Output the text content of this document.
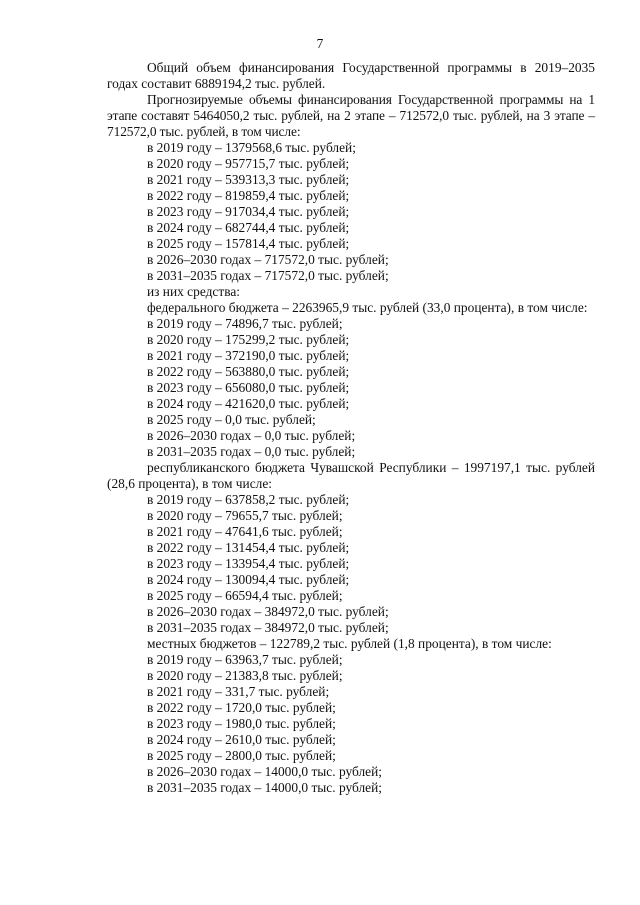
7

Общий объем финансирования Государственной программы в 2019–2035 годах составит 6889194,2 тыс. рублей.

Прогнозируемые объемы финансирования Государственной программы на 1 этапе составят 5464050,2 тыс. рублей, на 2 этапе – 712572,0 тыс. рублей, на 3 этапе – 712572,0 тыс. рублей, в том числе:

в 2019 году – 1379568,6 тыс. рублей;

в 2020 году – 957715,7 тыс. рублей;

в 2021 году – 539313,3 тыс. рублей;

в 2022 году – 819859,4 тыс. рублей;

в 2023 году – 917034,4 тыс. рублей;

в 2024 году – 682744,4 тыс. рублей;

в 2025 году – 157814,4 тыс. рублей;

в 2026–2030 годах – 717572,0 тыс. рублей;

в 2031–2035 годах – 717572,0 тыс. рублей;

из них средства:

федерального бюджета – 2263965,9 тыс. рублей (33,0 процента), в том числе:

в 2019 году – 74896,7 тыс. рублей;

в 2020 году – 175299,2 тыс. рублей;

в 2021 году – 372190,0 тыс. рублей;

в 2022 году – 563880,0 тыс. рублей;

в 2023 году – 656080,0 тыс. рублей;

в 2024 году – 421620,0 тыс. рублей;

в 2025 году – 0,0 тыс. рублей;

в 2026–2030 годах – 0,0 тыс. рублей;

в 2031–2035 годах – 0,0 тыс. рублей;

республиканского бюджета Чувашской Республики – 1997197,1 тыс. рублей (28,6 процента), в том числе:

в 2019 году – 637858,2 тыс. рублей;

в 2020 году – 79655,7 тыс. рублей;

в 2021 году – 47641,6 тыс. рублей;

в 2022 году – 131454,4 тыс. рублей;

в 2023 году – 133954,4 тыс. рублей;

в 2024 году – 130094,4 тыс. рублей;

в 2025 году – 66594,4 тыс. рублей;

в 2026–2030 годах – 384972,0 тыс. рублей;

в 2031–2035 годах – 384972,0 тыс. рублей;

местных бюджетов – 122789,2 тыс. рублей (1,8 процента), в том числе:

в 2019 году – 63963,7 тыс. рублей;

в 2020 году – 21383,8 тыс. рублей;

в 2021 году – 331,7 тыс. рублей;

в 2022 году – 1720,0 тыс. рублей;

в 2023 году – 1980,0 тыс. рублей;

в 2024 году – 2610,0 тыс. рублей;

в 2025 году – 2800,0 тыс. рублей;

в 2026–2030 годах – 14000,0 тыс. рублей;

в 2031–2035 годах – 14000,0 тыс. рублей;
